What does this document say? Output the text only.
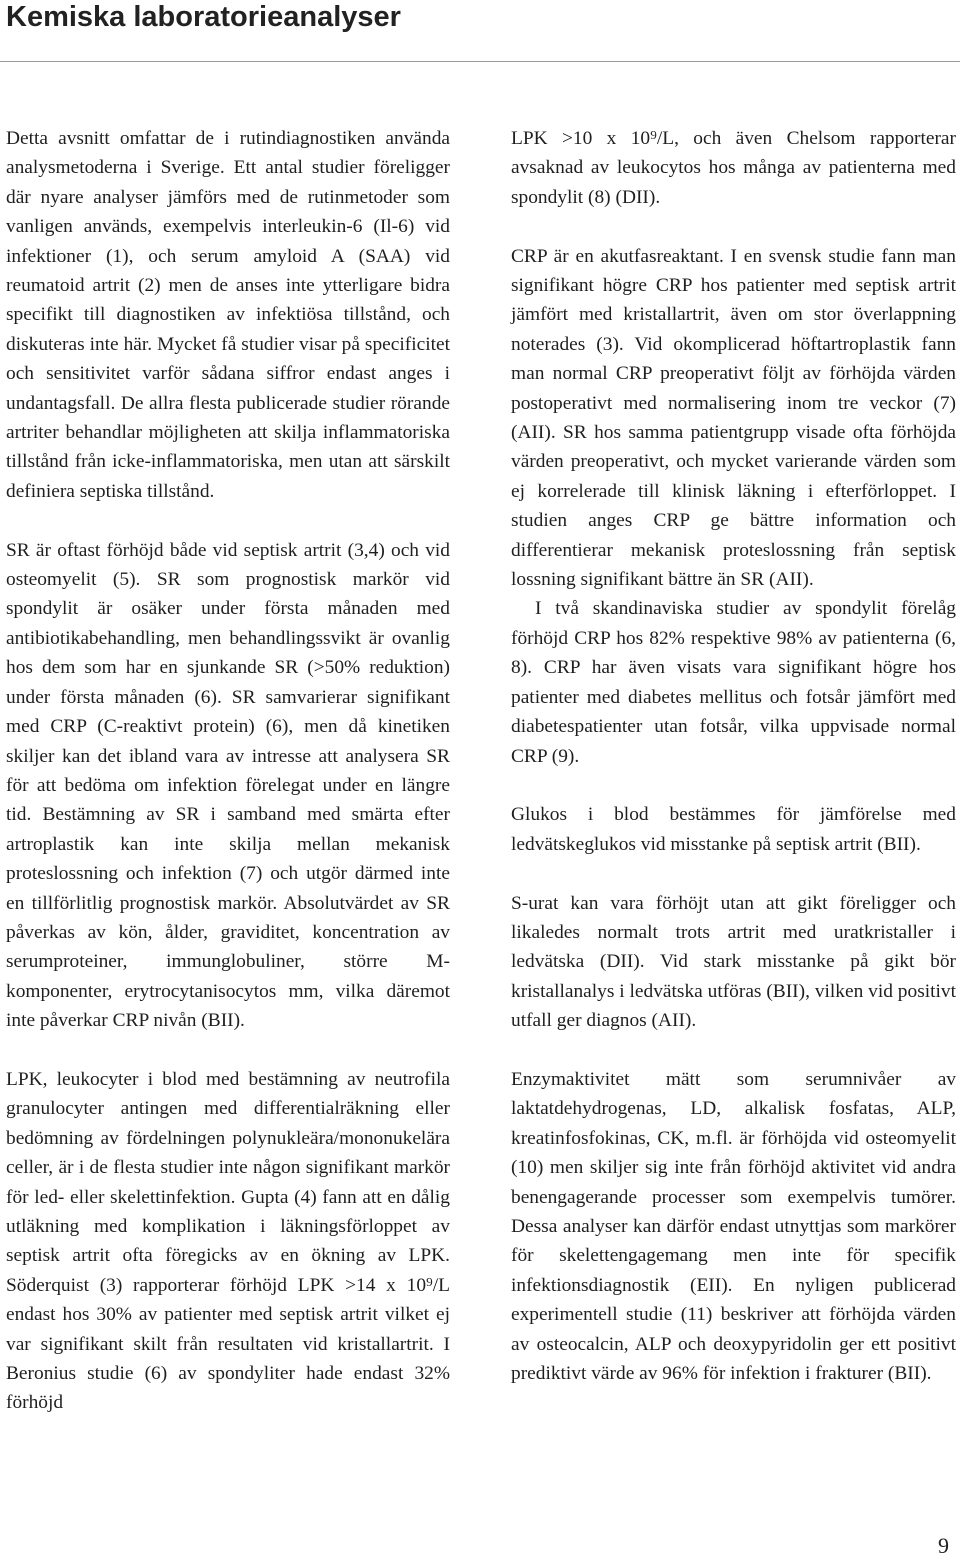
Kemiska laboratorieanalyser

Detta avsnitt omfattar de i rutindiagnostiken använda analysmetoderna i Sverige. Ett antal studier föreligger där nyare analyser jämförs med de rutinmetoder som vanligen används, exempelvis interleukin-6 (Il-6) vid infektioner (1), och serum amyloid A (SAA) vid reumatoid artrit (2) men de anses inte ytterligare bidra specifikt till diagnostiken av infektiösa tillstånd, och diskuteras inte här. Mycket få studier visar på specificitet och sensitivitet varför sådana siffror endast anges i undantagsfall. De allra flesta publicerade studier rörande artriter behandlar möjligheten att skilja inflammatoriska tillstånd från icke-inflammatoriska, men utan att särskilt definiera septiska tillstånd.

SR är oftast förhöjd både vid septisk artrit (3,4) och vid osteomyelit (5). SR som prognostisk markör vid spondylit är osäker under första månaden med antibiotikabehandling, men behandlingssvikt är ovanlig hos dem som har en sjunkande SR (>50% reduktion) under första månaden (6). SR samvarierar signifikant med CRP (C-reaktivt protein) (6), men då kinetiken skiljer kan det ibland vara av intresse att analysera SR för att bedöma om infektion förelegat under en längre tid. Bestämning av SR i samband med smärta efter artroplastik kan inte skilja mellan mekanisk proteslossning och infektion (7) och utgör därmed inte en tillförlitlig prognostisk markör. Absolutvärdet av SR påverkas av kön, ålder, graviditet, koncentration av serumproteiner, immunglobuliner, större M-komponenter, erytrocytanisocytos mm, vilka däremot inte påverkar CRP nivån (BII).

LPK, leukocyter i blod med bestämning av neutrofila granulocyter antingen med differentialräkning eller bedömning av fördelningen polynukleära/mononukelära celler, är i de flesta studier inte någon signifikant markör för led- eller skelettinfektion. Gupta (4) fann att en dålig utläkning med komplikation i läkningsförloppet av septisk artrit ofta föregicks av en ökning av LPK. Söderquist (3) rapporterar förhöjd LPK >14 x 10⁹/L endast hos 30% av patienter med septisk artrit vilket ej var signifikant skilt från resultaten vid kristallartrit. I Beronius studie (6) av spondyliter hade endast 32% förhöjd

LPK >10 x 10⁹/L, och även Chelsom rapporterar avsaknad av leukocytos hos många av patienterna med spondylit (8) (DII).

CRP är en akutfasreaktant. I en svensk studie fann man signifikant högre CRP hos patienter med septisk artrit jämfört med kristallartrit, även om stor överlappning noterades (3). Vid okomplicerad höftartroplastik fann man normal CRP preoperativt följt av förhöjda värden postoperativt med normalisering inom tre veckor (7) (AII). SR hos samma patientgrupp visade ofta förhöjda värden preoperativt, och mycket varierande värden som ej korrelerade till klinisk läkning i efterförloppet. I studien anges CRP ge bättre information och differentierar mekanisk proteslossning från septisk lossning signifikant bättre än SR (AII).

I två skandinaviska studier av spondylit förelåg förhöjd CRP hos 82% respektive 98% av patienterna (6, 8). CRP har även visats vara signifikant högre hos patienter med diabetes mellitus och fotsår jämfört med diabetespatienter utan fotsår, vilka uppvisade normal CRP (9).

Glukos i blod bestämmes för jämförelse med ledvätskeglukos vid misstanke på septisk artrit (BII).

S-urat kan vara förhöjt utan att gikt föreligger och likaledes normalt trots artrit med uratkristaller i ledvätska (DII). Vid stark misstanke på gikt bör kristallanalys i ledvätska utföras (BII), vilken vid positivt utfall ger diagnos (AII).

Enzymaktivitet mätt som serumnivåer av laktatdehydrogenas, LD, alkalisk fosfatas, ALP, kreatinfosfokinas, CK, m.fl. är förhöjda vid osteomyelit (10) men skiljer sig inte från förhöjd aktivitet vid andra benengagerande processer som exempelvis tumörer. Dessa analyser kan därför endast utnyttjas som markörer för skelettengagemang men inte för specifik infektionsdiagnostik (EII). En nyligen publicerad experimentell studie (11) beskriver att förhöjda värden av osteocalcin, ALP och deoxypyridolin ger ett positivt prediktivt värde av 96% för infektion i frakturer (BII).

9
